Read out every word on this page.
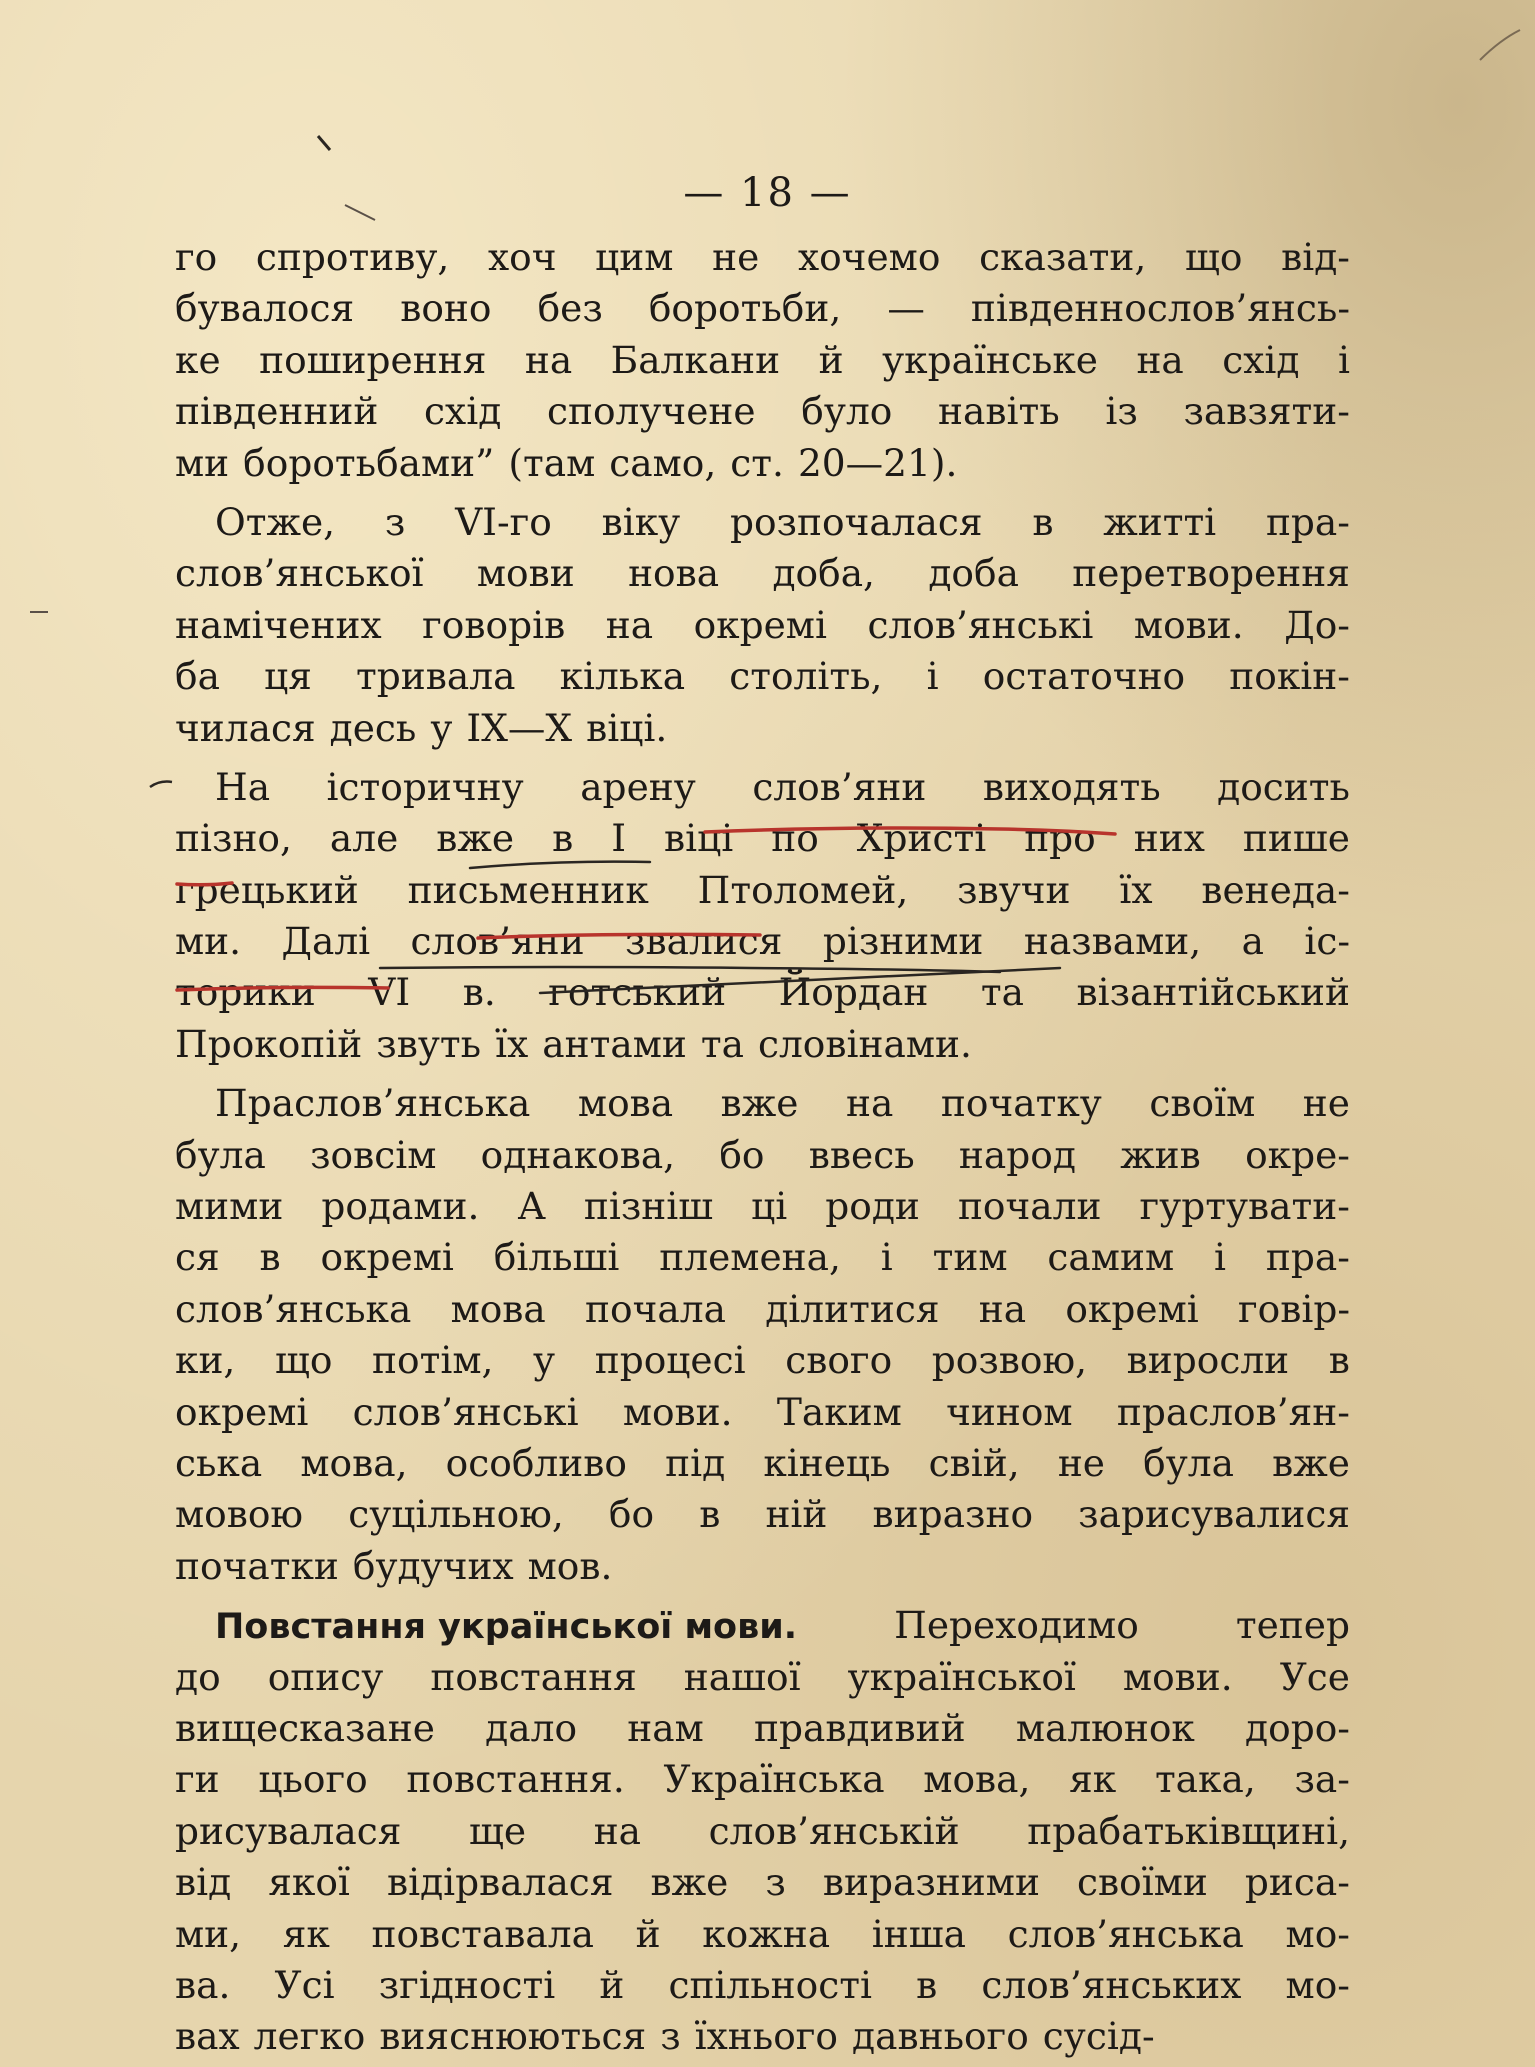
— 18 —
го спротиву, хоч цим не хочемо сказати, що від-
бувалося воно без боротьби, — південнослов’янсь-
ке поширення на Балкани й українське на схід і
південний схід сполучене було навіть із завзяти-
ми боротьбами” (там само, ст. 20—21).
Отже, з VI-го віку розпочалася в житті пра-
слов’янської мови нова доба, доба перетворення
намічених говорів на окремі слов’янські мови. До-
ба ця тривала кілька століть, і остаточно покін-
чилася десь у IX—X віці.
На історичну арену слов’яни виходять досить
пізно, але вже в I віці по Христі про них пише
грецький письменник Птоломей, звучи їх венеда-
ми. Далі слов’яни звалися різними назвами, а іс-
торики VI в. готський Йордан та візантійський
Прокопій звуть їх антами та словінами.
Праслов’янська мова вже на початку своїм не
була зовсім однакова, бо ввесь народ жив окре-
мими родами. А пізніш ці роди почали гуртувати-
ся в окремі більші племена, і тим самим і пра-
слов’янська мова почала ділитися на окремі говір-
ки, що потім, у процесі свого розвою, виросли в
окремі слов’янські мови. Таким чином праслов’ян-
ська мова, особливо під кінець свій, не була вже
мовою суцільною, бо в ній виразно зарисувалися
початки будучих мов.
Повстання української мови.	Переходимо	тепер
до опису повстання нашої української мови. Усе
вищесказане дало нам правдивий малюнок доро-
ги цього повстання. Українська мова, як така, за-
рисувалася ще на слов’янській прабатьківщині,
від якої відірвалася вже з виразними своїми риса-
ми, як повставала й кожна інша слов’янська мо-
ва. Усі згідності й спільності в слов’янських мо-
вах легко вияснюються з їхнього давнього сусід-
